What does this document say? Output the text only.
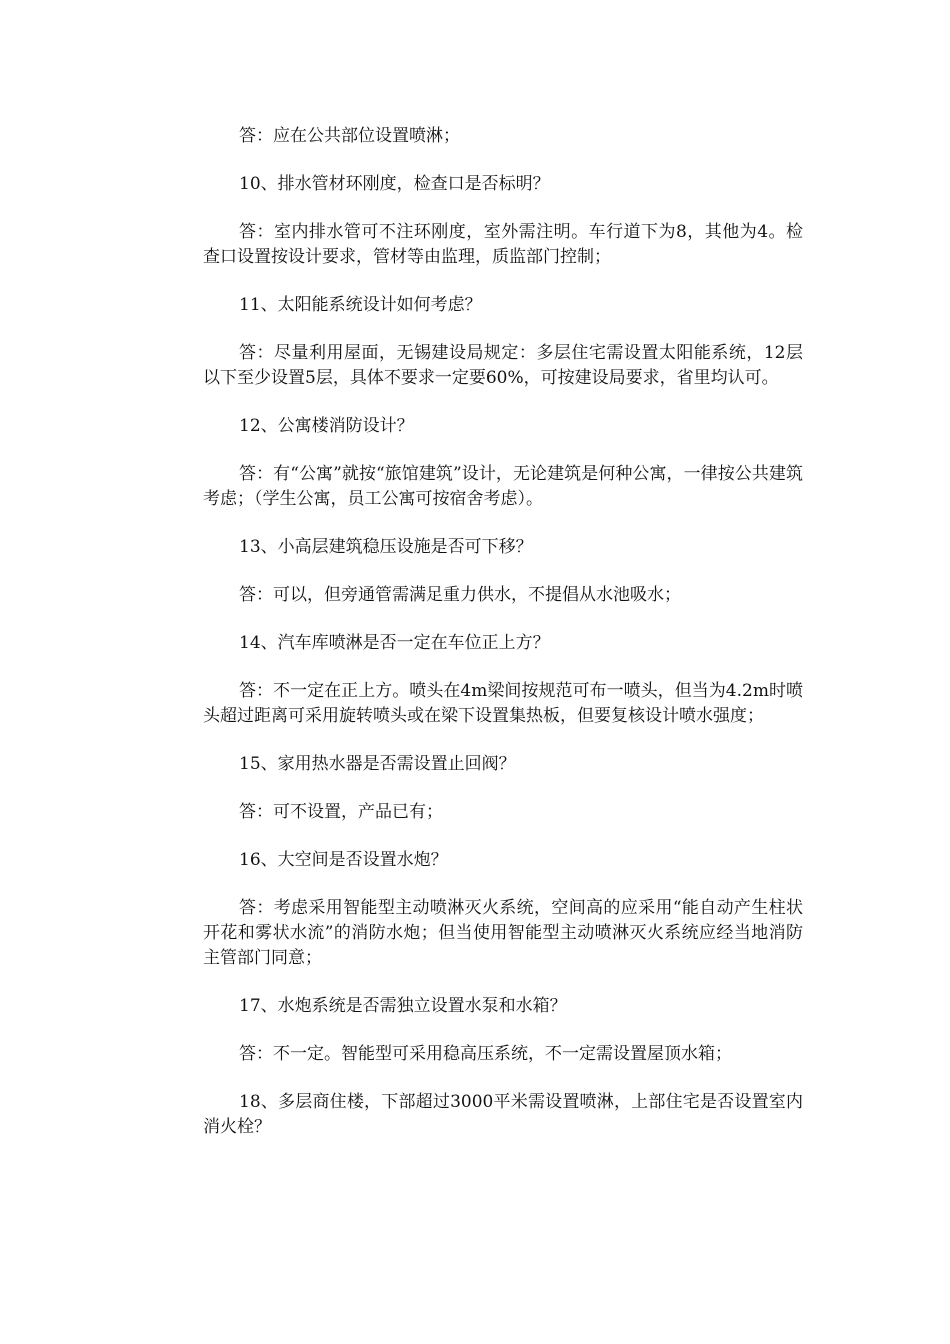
答：应在公共部位设置喷淋；

10、排水管材环刚度，检查口是否标明？

答：室内排水管可不注环刚度，室外需注明。车行道下为8，其他为4。检查口设置按设计要求，管材等由监理，质监部门控制；

11、太阳能系统设计如何考虑？

答：尽量利用屋面，无锡建设局规定：多层住宅需设置太阳能系统，12层以下至少设置5层，具体不要求一定要60%，可按建设局要求，省里均认可。

12、公寓楼消防设计？

答：有“公寓”就按“旅馆建筑”设计，无论建筑是何种公寓，一律按公共建筑考虑；（学生公寓，员工公寓可按宿舍考虑）。

13、小高层建筑稳压设施是否可下移？

答：可以，但旁通管需满足重力供水，不提倡从水池吸水；

14、汽车库喷淋是否一定在车位正上方？

答：不一定在正上方。喷头在4m梁间按规范可布一喷头，但当为4.2m时喷头超过距离可采用旋转喷头或在梁下设置集热板，但要复核设计喷水强度；

15、家用热水器是否需设置止回阀？

答：可不设置，产品已有；

16、大空间是否设置水炮？

答：考虑采用智能型主动喷淋灭火系统，空间高的应采用“能自动产生柱状开花和雾状水流”的消防水炮；但当使用智能型主动喷淋灭火系统应经当地消防主管部门同意；

17、水炮系统是否需独立设置水泵和水箱？

答：不一定。智能型可采用稳高压系统，不一定需设置屋顶水箱；

18、多层商住楼，下部超过3000平米需设置喷淋，上部住宅是否设置室内消火栓？
